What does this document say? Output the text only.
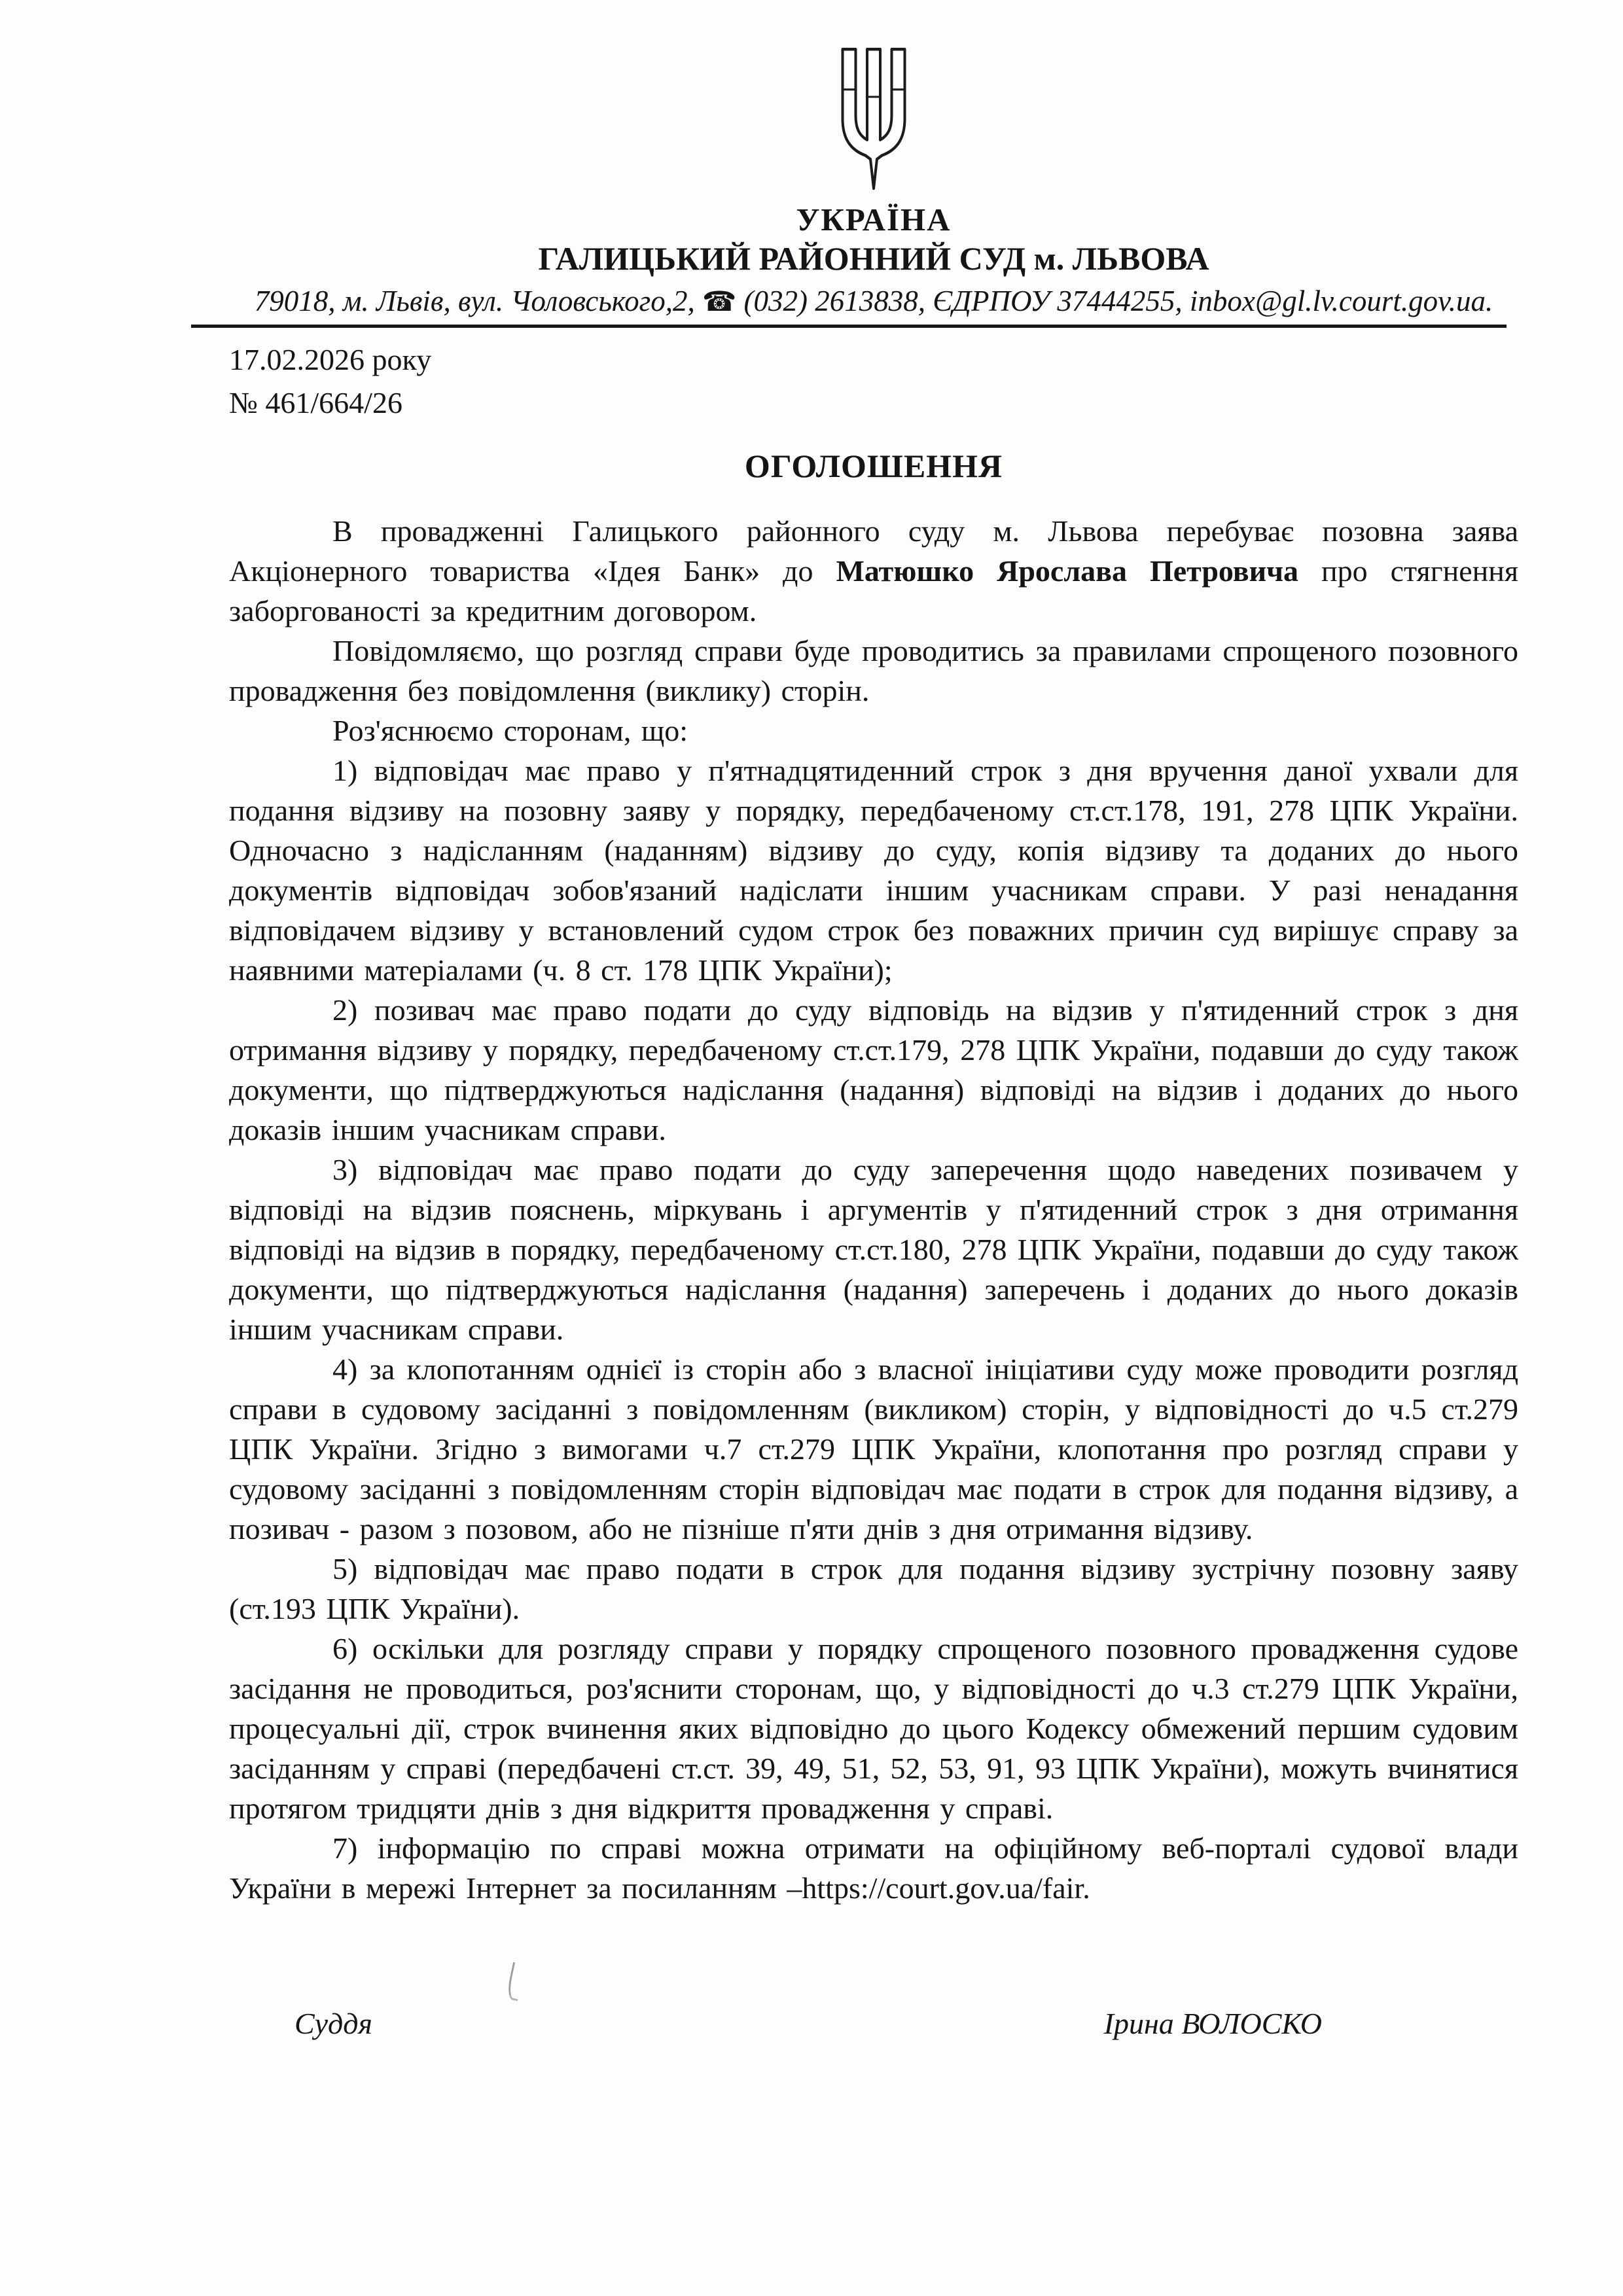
УКРАЇНА
ГАЛИЦЬКИЙ РАЙОННИЙ СУД м. ЛЬВОВА
79018, м. Львів, вул. Чоловського,2, ☎ (032) 2613838, ЄДРПОУ 37444255, inbox@gl.lv.court.gov.ua.
17.02.2026 року
№ 461/664/26
ОГОЛОШЕННЯ

В провадженні Галицького районного суду м. Львова перебуває позовна заява Акціонерного товариства «Ідея Банк» до Матюшко Ярослава Петровича про стягнення заборгованості за кредитним договором.

Повідомляємо, що розгляд справи буде проводитись за правилами спрощеного позовного провадження без повідомлення (виклику) сторін.

Роз'яснюємо сторонам, що:

1) відповідач має право у п'ятнадцятиденний строк з дня вручення даної ухвали для подання відзиву на позовну заяву у порядку, передбаченому ст.ст.178, 191, 278 ЦПК України. Одночасно з надісланням (наданням) відзиву до суду, копія відзиву та доданих до нього документів відповідач зобов'язаний надіслати іншим учасникам справи. У разі ненадання відповідачем відзиву у встановлений судом строк без поважних причин суд вирішує справу за наявними матеріалами (ч. 8 ст. 178 ЦПК України);

2) позивач має право подати до суду відповідь на відзив у п'ятиденний строк з дня отримання відзиву у порядку, передбаченому ст.ст.179, 278 ЦПК України, подавши до суду також документи, що підтверджуються надіслання (надання) відповіді на відзив і доданих до нього доказів іншим учасникам справи.

3) відповідач має право подати до суду заперечення щодо наведених позивачем у відповіді на відзив пояснень, міркувань і аргументів у п'ятиденний строк з дня отримання відповіді на відзив в порядку, передбаченому ст.ст.180, 278 ЦПК України, подавши до суду також документи, що підтверджуються надіслання (надання) заперечень і доданих до нього доказів іншим учасникам справи.

4) за клопотанням однієї із сторін або з власної ініціативи суду може проводити розгляд справи в судовому засіданні з повідомленням (викликом) сторін, у відповідності до ч.5 ст.279 ЦПК України. Згідно з вимогами ч.7 ст.279 ЦПК України, клопотання про розгляд справи у судовому засіданні з повідомленням сторін відповідач має подати в строк для подання відзиву, а позивач - разом з позовом, або не пізніше п'яти днів з дня отримання відзиву.

5) відповідач має право подати в строк для подання відзиву зустрічну позовну заяву (ст.193 ЦПК України).

6) оскільки для розгляду справи у порядку спрощеного позовного провадження судове засідання не проводиться, роз'яснити сторонам, що, у відповідності до ч.3 ст.279 ЦПК України, процесуальні дії, строк вчинення яких відповідно до цього Кодексу обмежений першим судовим засіданням у справі (передбачені ст.ст. 39, 49, 51, 52, 53, 91, 93 ЦПК України), можуть вчинятися протягом тридцяти днів з дня відкриття провадження у справі.

7) інформацію по справі можна отримати на офіційному веб-порталі судової влади України в мережі Інтернет за посиланням –https://court.gov.ua/fair.

Суддя	Ірина ВОЛОСКО
